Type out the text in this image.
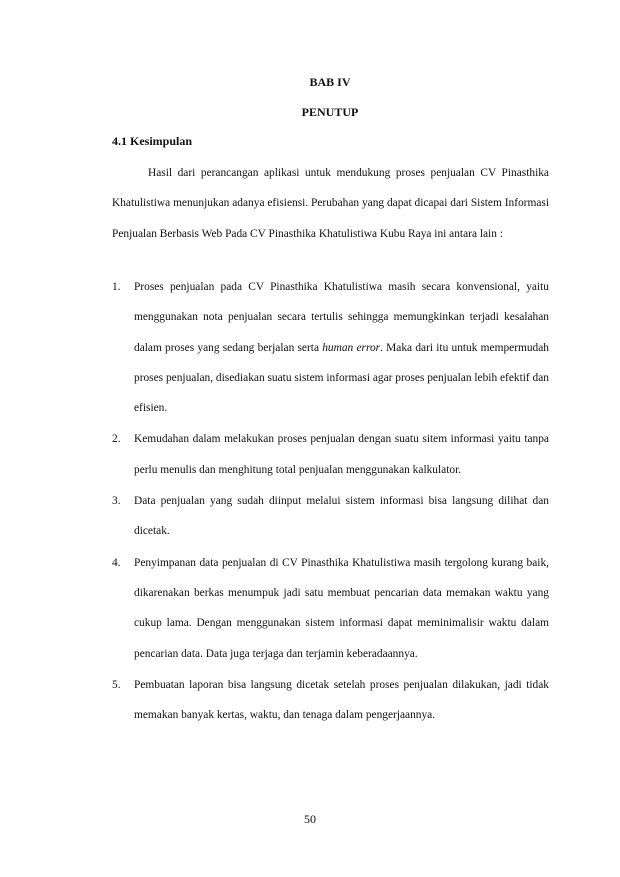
BAB IV

PENUTUP

4.1 Kesimpulan

Hasil dari perancangan aplikasi untuk mendukung proses penjualan CV Pinasthika Khatulistiwa menunjukan adanya efisiensi. Perubahan yang dapat dicapai dari Sistem Informasi Penjualan Berbasis Web Pada CV Pinasthika Khatulistiwa Kubu Raya ini antara lain :

1. Proses penjualan pada CV Pinasthika Khatulistiwa masih secara konvensional, yaitu menggunakan nota penjualan secara tertulis sehingga memungkinkan terjadi kesalahan dalam proses yang sedang berjalan serta human error. Maka dari itu untuk mempermudah proses penjualan, disediakan suatu sistem informasi agar proses penjualan lebih efektif dan efisien.
2. Kemudahan dalam melakukan proses penjualan dengan suatu sitem informasi yaitu tanpa perlu menulis dan menghitung total penjualan menggunakan kalkulator.
3. Data penjualan yang sudah diinput melalui sistem informasi bisa langsung dilihat dan dicetak.
4. Penyimpanan data penjualan di CV Pinasthika Khatulistiwa masih tergolong kurang baik, dikarenakan berkas menumpuk jadi satu membuat pencarian data memakan waktu yang cukup lama. Dengan menggunakan sistem informasi dapat meminimalisir waktu dalam pencarian data. Data juga terjaga dan terjamin keberadaannya.
5. Pembuatan laporan bisa langsung dicetak setelah proses penjualan dilakukan, jadi tidak memakan banyak kertas, waktu, dan tenaga dalam pengerjaannya.
50
